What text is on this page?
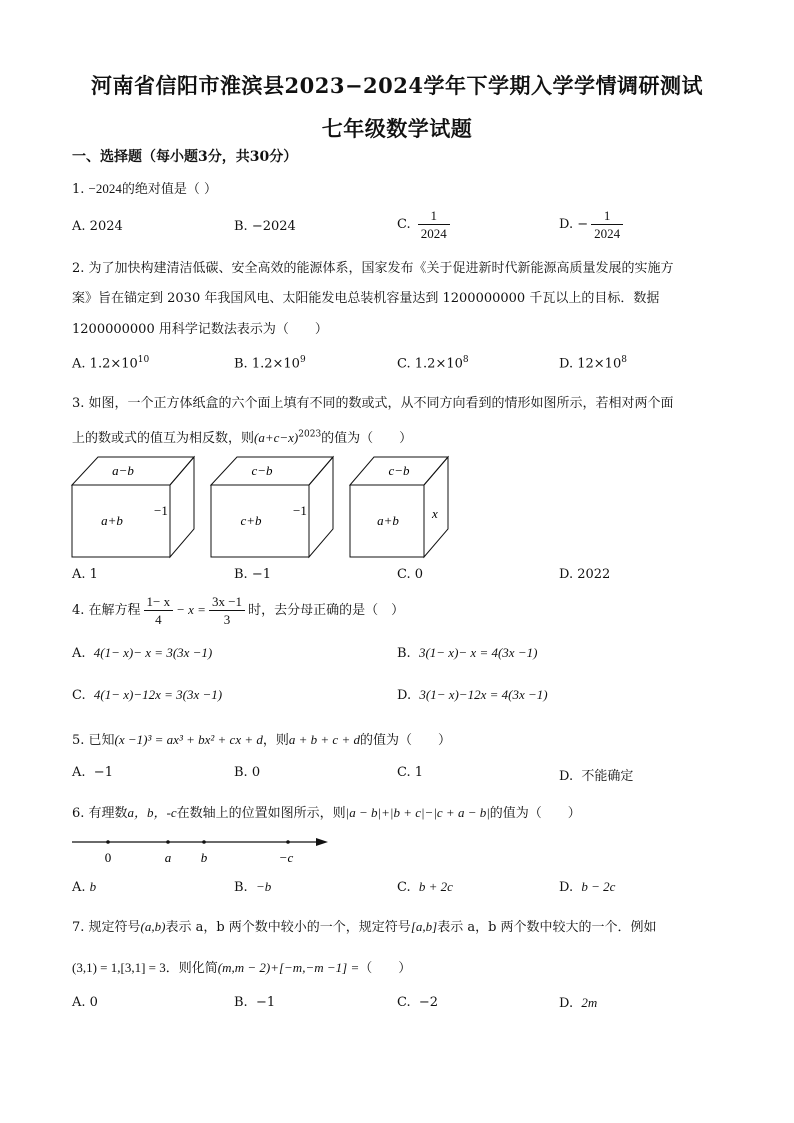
河南省信阳市淮滨县2023−2024学年下学期入学学情调研测试
七年级数学试题
一、选择题（每小题3分，共30分）
1. −2024的绝对值是（ ）
A. 2024	B. −2024	C. $\frac{1}{2024}$	D. − $\frac{1}{2024}$
2. 为了加快构建清洁低碳、安全高效的能源体系，国家发布《关于促进新时代新能源高质量发展的实施方
案》旨在锚定到 2030 年我国风电、太阳能发电总装机容量达到 1200000000 千瓦以上的目标．数据
1200000000 用科学记数法表示为（　　）
A. $1.2\times 10^{10}$	B. $1.2\times 10^9$	C. $1.2\times 10^8$	D. $12\times 10^8$
3. 如图，一个正方体纸盒的六个面上填有不同的数或式，从不同方向看到的情形如图所示，若相对两个面
上的数或式的值互为相反数，则$(a+c-x)^{2023}$的值为（　　）
a−b
a+b
−1
c−b
c+b
−1
c−b
a+b	x
A. 1	B. −1	C. 0	D. 2022
4. 在解方程 $\frac{1- x}{4} - x = \frac{3x -1}{3}$ 时，去分母正确的是（　）
A. 4(1− x)− x = 3(3x −1)	B. 3(1− x)− x = 4(3x −1)
C. 4(1− x)−12x = 3(3x −1)	D. 3(1− x)−12x = 4(3x −1)
5. 已知(x −1)³ = ax³ + bx² + cx + d，则a + b + c + d的值为（　　）
A. −1	B. 0	C. 1	D. 不能确定
6. 有理数a，b，-c在数轴上的位置如图所示，则|a − b|+|b + c|−|c + a − b|的值为（　　）
0	a b	−c
A. b	B. −b	C. b + 2c	D. b − 2c
7. 规定符号(a,b)表示 a，b 两个数中较小的一个，规定符号[a,b]表示 a，b 两个数中较大的一个．例如
(3,1) = 1,[3,1] = 3．则化简(m,m − 2)+[−m,−m −1] =（　　）
A. 0	B. −1	C. −2	D. 2m
